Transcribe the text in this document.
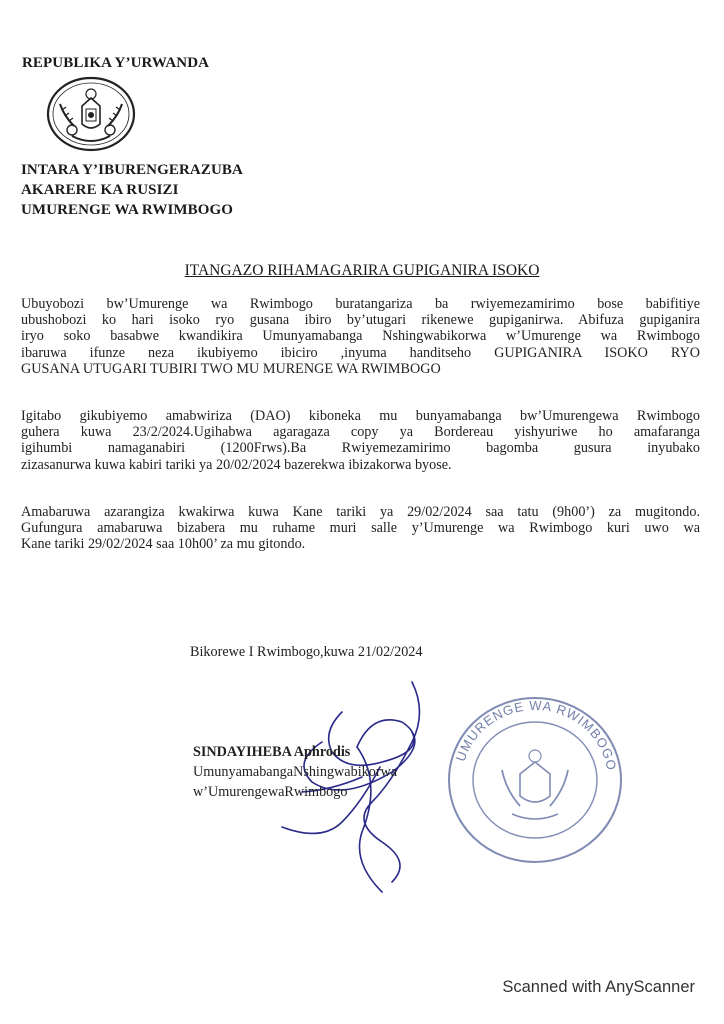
REPUBLIKA Y’URWANDA
INTARA Y’IBURENGERAZUBA
AKARERE KA RUSIZI
UMURENGE WA RWIMBOGO
ITANGAZO RIHAMAGARIRA GUPIGANIRA ISOKO
Ubuyobozi bw’Umurenge wa Rwimbogo buratangariza ba rwiyemezamirimo bose babifitiye
ubushobozi ko hari isoko ryo gusana ibiro by’utugari rikenewe gupiganirwa. Abifuza gupiganira
iryo soko basabwe kwandikira Umunyamabanga Nshingwabikorwa w’Umurenge wa Rwimbogo
ibaruwa ifunze neza ikubiyemo ibiciro ,inyuma handitseho GUPIGANIRA ISOKO RYO
GUSANA UTUGARI TUBIRI TWO MU MURENGE WA RWIMBOGO
Igitabo gikubiyemo amabwiriza (DAO) kiboneka mu bunyamabanga bw’Umurengewa Rwimbogo
guhera kuwa 23/2/2024.Ugihabwa agaragaza copy ya Bordereau yishyuriwe ho amafaranga
igihumbi namaganabiri (1200Frws).Ba Rwiyemezamirimo bagomba gusura inyubako
zizasanurwa kuwa kabiri tariki ya 20/02/2024 bazerekwa ibizakorwa byose.
Amabaruwa azarangiza kwakirwa kuwa Kane tariki ya 29/02/2024 saa tatu (9h00’) za mugitondo.
Gufungura amabaruwa bizabera mu ruhame muri salle y’Umurenge wa Rwimbogo kuri uwo wa
Kane tariki 29/02/2024 saa 10h00’ za mu gitondo.
Bikorewe I Rwimbogo,kuwa 21/02/2024
UMURENGE WA RWIMBOGO
SINDAYIHEBA Aphrodis
UmunyamabangaNshingwabikorwa
w’UmurengewaRwimbogo
Scanned with AnyScanner
